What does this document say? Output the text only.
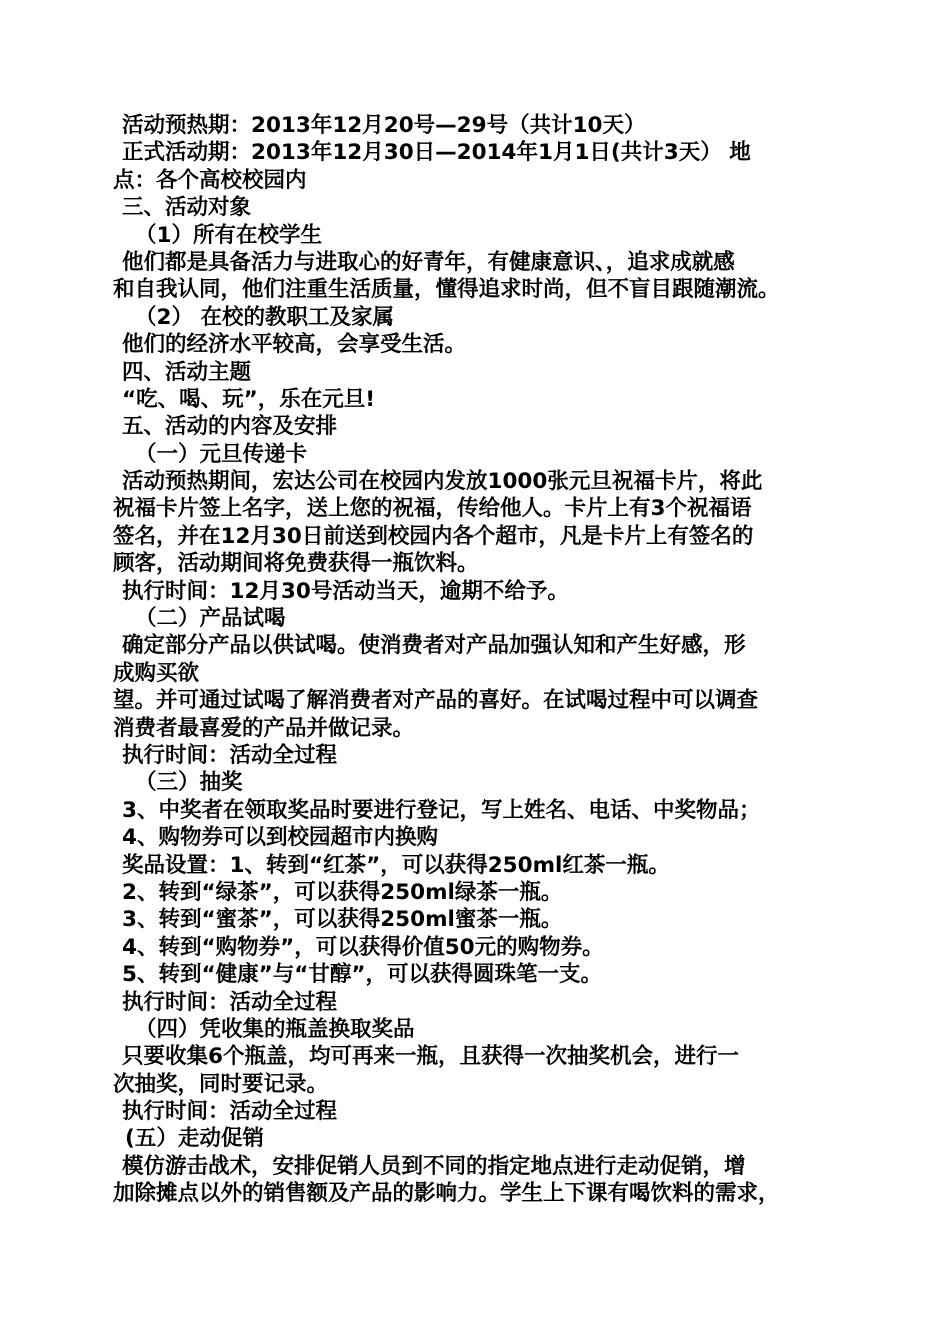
活动预热期：2013年12月20号—29号（共计10天）
正式活动期：2013年12月30日—2014年1月1日(共计3天） 地
点：各个高校校园内
三、活动对象
（1）所有在校学生
他们都是具备活力与进取心的好青年，有健康意识、，追求成就感
和自我认同，他们注重生活质量，懂得追求时尚，但不盲目跟随潮流。
（2） 在校的教职工及家属
他们的经济水平较高，会享受生活。
四、活动主题
“吃、喝、玩”，乐在元旦!
五、活动的内容及安排
（一）元旦传递卡
活动预热期间，宏达公司在校园内发放1000张元旦祝福卡片，将此
祝福卡片签上名字，送上您的祝福，传给他人。卡片上有3个祝福语
签名，并在12月30日前送到校园内各个超市，凡是卡片上有签名的
顾客，活动期间将免费获得一瓶饮料。
执行时间：12月30号活动当天，逾期不给予。
（二）产品试喝
确定部分产品以供试喝。使消费者对产品加强认知和产生好感，形
成购买欲
望。并可通过试喝了解消费者对产品的喜好。在试喝过程中可以调查
消费者最喜爱的产品并做记录。
执行时间：活动全过程
（三）抽奖
3、中奖者在领取奖品时要进行登记，写上姓名、电话、中奖物品；
4、购物券可以到校园超市内换购
奖品设置：1、转到“红茶”，可以获得250ml红茶一瓶。
2、转到“绿茶”，可以获得250ml绿茶一瓶。
3、转到“蜜茶”，可以获得250ml蜜茶一瓶。
4、转到“购物券”，可以获得价值50元的购物券。
5、转到“健康”与“甘醇”，可以获得圆珠笔一支。
执行时间：活动全过程
（四）凭收集的瓶盖换取奖品
只要收集6个瓶盖，均可再来一瓶，且获得一次抽奖机会，进行一
次抽奖，同时要记录。
执行时间：活动全过程
(五）走动促销
模仿游击战术，安排促销人员到不同的指定地点进行走动促销，增
加除摊点以外的销售额及产品的影响力。学生上下课有喝饮料的需求，
